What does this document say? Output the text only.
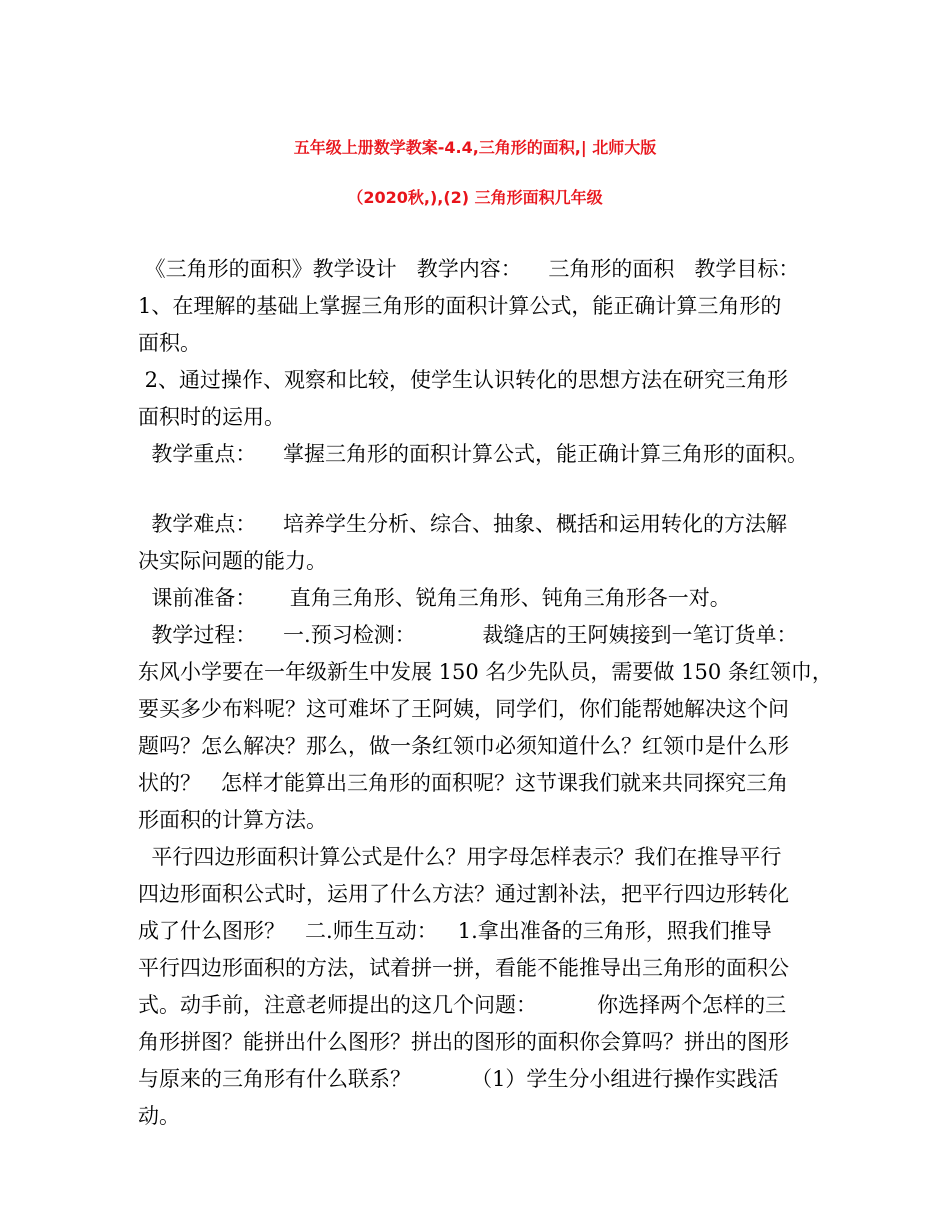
五年级上册数学教案-4.4,三角形的面积,| 北师大版
（2020秋,),(2) 三角形面积几年级

《三角形的面积》教学设计   教学内容：    三角形的面积   教学目标：

1、在理解的基础上掌握三角形的面积计算公式，能正确计算三角形的

面积。

2、通过操作、观察和比较，使学生认识转化的思想方法在研究三角形

面积时的运用。

教学重点：    掌握三角形的面积计算公式，能正确计算三角形的面积。

教学难点：    培养学生分析、综合、抽象、概括和运用转化的方法解

决实际问题的能力。

课前准备：     直角三角形、锐角三角形、钝角三角形各一对。

教学过程：    一.预习检测：          裁缝店的王阿姨接到一笔订货单：

东风小学要在一年级新生中发展 150 名少先队员，需要做 150 条红领巾，

要买多少布料呢？这可难坏了王阿姨，同学们，你们能帮她解决这个问

题吗？怎么解决？那么，做一条红领巾必须知道什么？红领巾是什么形

状的？   怎样才能算出三角形的面积呢？这节课我们就来共同探究三角

形面积的计算方法。

平行四边形面积计算公式是什么？用字母怎样表示？我们在推导平行

四边形面积公式时，运用了什么方法？通过割补法，把平行四边形转化

成了什么图形？   二.师生互动：   1.拿出准备的三角形，照我们推导

平行四边形面积的方法，试着拼一拼，看能不能推导出三角形的面积公

式。动手前，注意老师提出的这几个问题：         你选择两个怎样的三

角形拼图？能拼出什么图形？拼出的图形的面积你会算吗？拼出的图形

与原来的三角形有什么联系？         （1）学生分小组进行操作实践活

动。
